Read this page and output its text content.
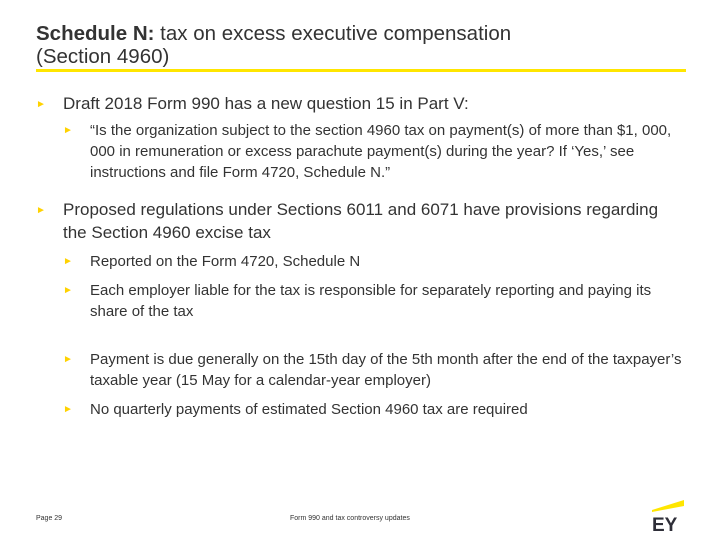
Schedule N: tax on excess executive compensation
(Section 4960)
► Draft 2018 Form 990 has a new question 15 in Part V:
► “Is the organization subject to the section 4960 tax on payment(s) of more than $1, 000, 000 in remuneration or excess parachute payment(s) during the year? If ‘Yes,’ see instructions and file Form 4720, Schedule N.”
► Proposed regulations under Sections 6011 and 6071 have provisions regarding the Section 4960 excise tax
► Reported on the Form 4720, Schedule N
► Each employer liable for the tax is responsible for separately reporting and paying its share of the tax
► Payment is due generally on the 15th day of the 5th month after the end of the taxpayer’s taxable year (15 May for a calendar-year employer)
► No quarterly payments of estimated Section 4960 tax are required
Page 29	Form 990 and tax controversy updates	EY
